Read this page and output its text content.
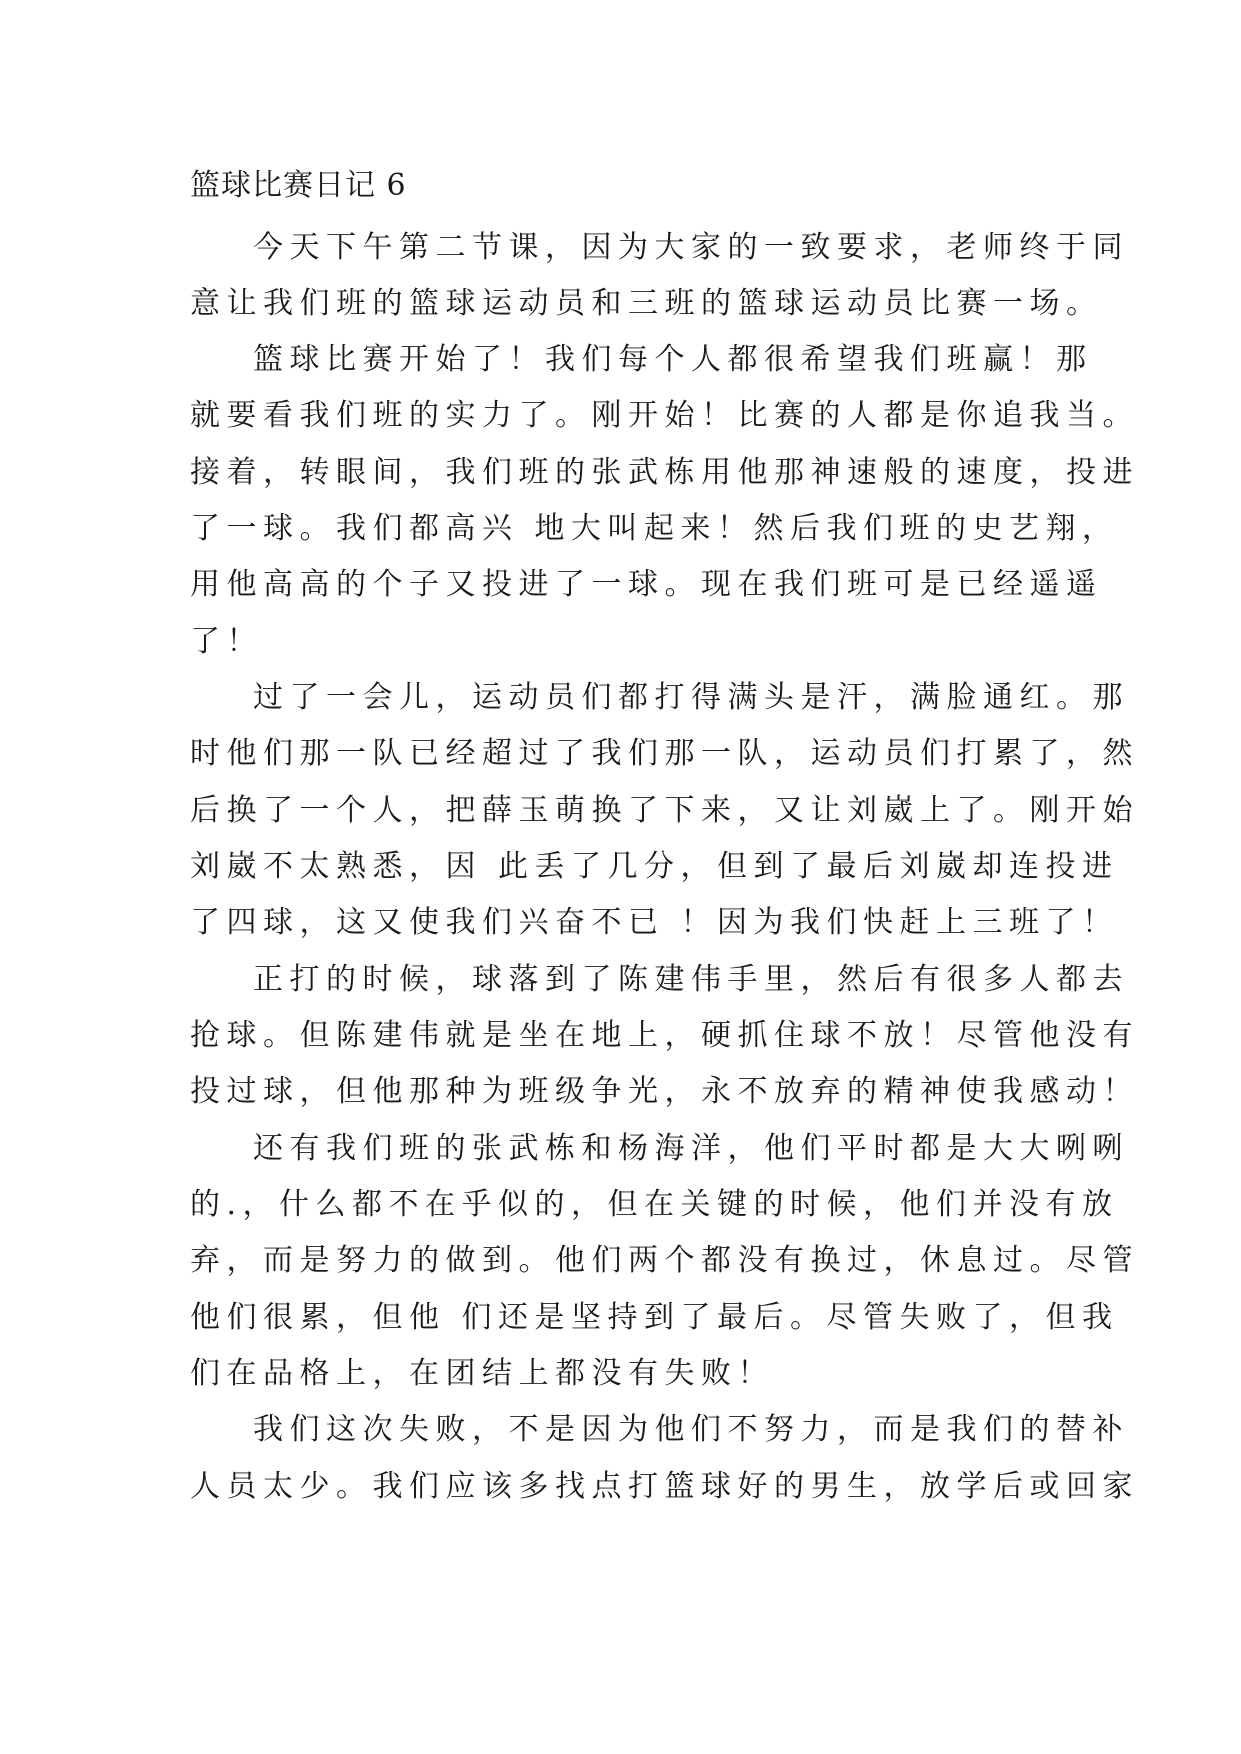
篮球比赛日记 6
今天下午第二节课，因为大家的一致要求，老师终于同
意让我们班的篮球运动员和三班的篮球运动员比赛一场。
篮球比赛开始了！我们每个人都很希望我们班赢！那
就要看我们班的实力了。刚开始！比赛的人都是你追我当。
接着，转眼间，我们班的张武栋用他那神速般的速度，投进
了一球。我们都高兴 地大叫起来！然后我们班的史艺翔，
用他高高的个子又投进了一球。现在我们班可是已经遥遥
了！
过了一会儿，运动员们都打得满头是汗，满脸通红。那
时他们那一队已经超过了我们那一队，运动员们打累了，然
后换了一个人，把薛玉萌换了下来，又让刘崴上了。刚开始
刘崴不太熟悉，因 此丢了几分，但到了最后刘崴却连投进
了四球，这又使我们兴奋不已 ！因为我们快赶上三班了！
正打的时候，球落到了陈建伟手里，然后有很多人都去
抢球。但陈建伟就是坐在地上，硬抓住球不放！尽管他没有
投过球，但他那种为班级争光，永不放弃的精神使我感动！
还有我们班的张武栋和杨海洋，他们平时都是大大咧咧
的.，什么都不在乎似的，但在关键的时候，他们并没有放
弃，而是努力的做到。他们两个都没有换过，休息过。尽管
他们很累，但他 们还是坚持到了最后。尽管失败了，但我
们在品格上，在团结上都没有失败！
我们这次失败，不是因为他们不努力，而是我们的替补
人员太少。我们应该多找点打篮球好的男生，放学后或回家
